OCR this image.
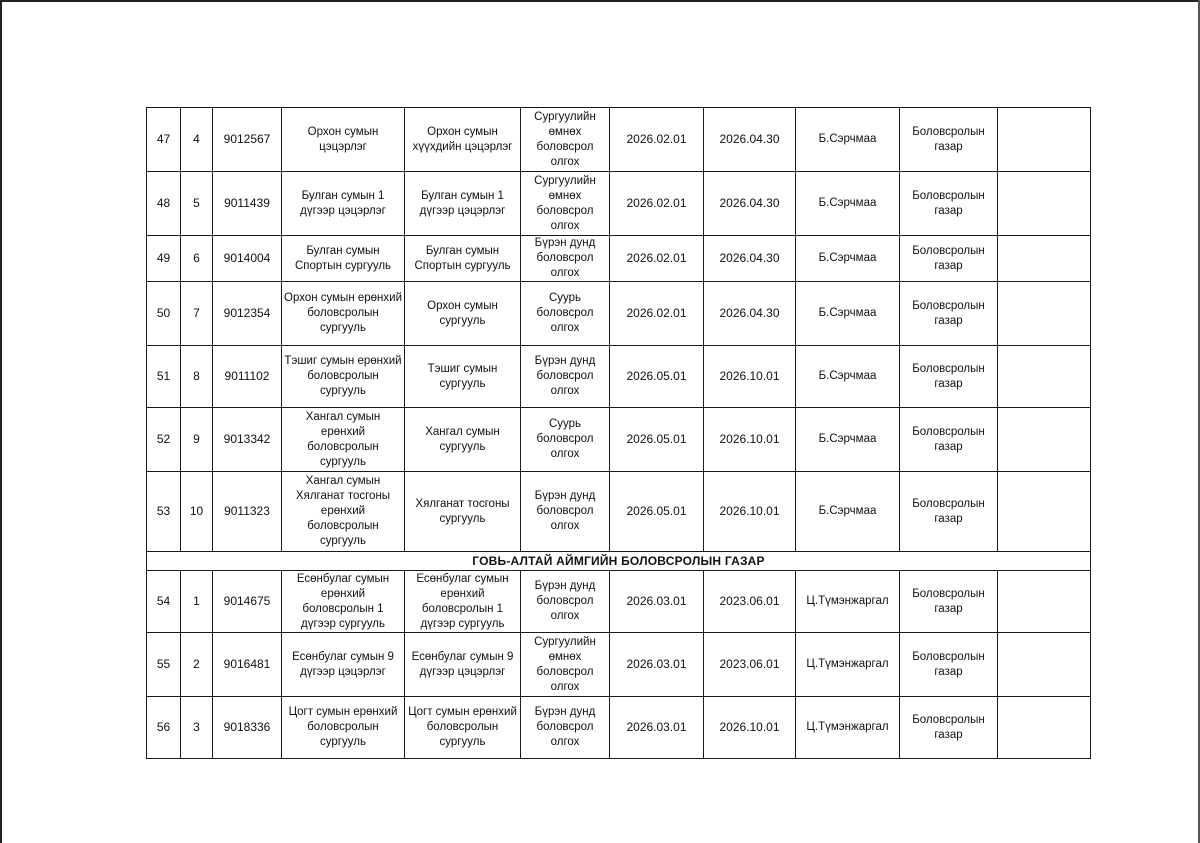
47	4	9012567	Орхон сумын цэцэрлэг	Орхон сумын хүүхдийн цэцэрлэг	Сургуулийн өмнөх боловсрол олгох	2026.02.01	2026.04.30	Б.Сэрчмаа	Боловсролын газар	
48	5	9011439	Булган сумын 1 дүгээр цэцэрлэг	Булган сумын 1 дүгээр цэцэрлэг	Сургуулийн өмнөх боловсрол олгох	2026.02.01	2026.04.30	Б.Сэрчмаа	Боловсролын газар	
49	6	9014004	Булган сумын Спортын сургууль	Булган сумын Спортын сургууль	Бүрэн дунд боловсрол олгох	2026.02.01	2026.04.30	Б.Сэрчмаа	Боловсролын газар	
50	7	9012354	Орхон сумын ерөнхий боловсролын сургууль	Орхон сумын сургууль	Суурь боловсрол олгох	2026.02.01	2026.04.30	Б.Сэрчмаа	Боловсролын газар	
51	8	9011102	Тэшиг сумын ерөнхий боловсролын сургууль	Тэшиг сумын сургууль	Бүрэн дунд боловсрол олгох	2026.05.01	2026.10.01	Б.Сэрчмаа	Боловсролын газар	
52	9	9013342	Хангал сумын ерөнхий боловсролын сургууль	Хангал сумын сургууль	Суурь боловсрол олгох	2026.05.01	2026.10.01	Б.Сэрчмаа	Боловсролын газар	
53	10	9011323	Хангал сумын Хялганат тосгоны ерөнхий боловсролын сургууль	Хялганат тосгоны сургууль	Бүрэн дунд боловсрол олгох	2026.05.01	2026.10.01	Б.Сэрчмаа	Боловсролын газар	
ГОВЬ-АЛТАЙ АЙМГИЙН БОЛОВСРОЛЫН ГАЗАР										
54	1	9014675	Есөнбулаг сумын ерөнхий боловсролын 1 дүгээр сургууль	Есөнбулаг сумын ерөнхий боловсролын 1 дүгээр сургууль	Бүрэн дунд боловсрол олгох	2026.03.01	2023.06.01	Ц.Түмэнжаргал	Боловсролын газар	
55	2	9016481	Есөнбулаг сумын 9 дүгээр цэцэрлэг	Есөнбулаг сумын 9 дүгээр цэцэрлэг	Сургуулийн өмнөх боловсрол олгох	2026.03.01	2023.06.01	Ц.Түмэнжаргал	Боловсролын газар	
56	3	9018336	Цогт сумын ерөнхий боловсролын сургууль	Цогт сумын ерөнхий боловсролын сургууль	Бүрэн дунд боловсрол олгох	2026.03.01	2026.10.01	Ц.Түмэнжаргал	Боловсролын газар	
